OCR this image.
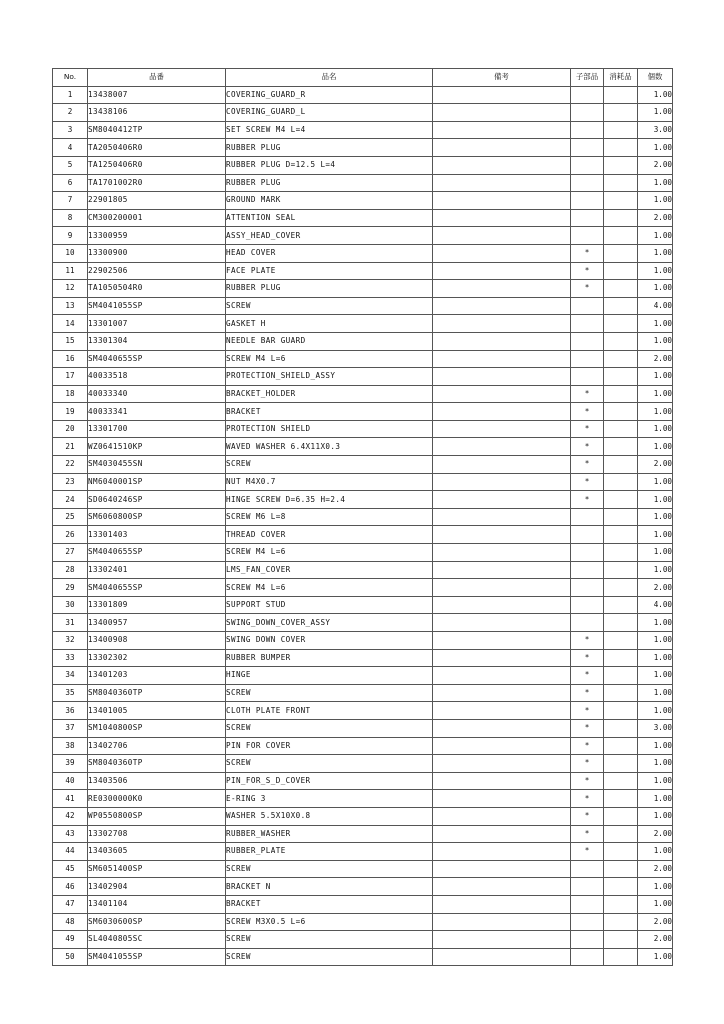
No.	品番	品名	備考	子部品	消耗品	個数
1	13438007	COVERING_GUARD_R				1.00
2	13438106	COVERING_GUARD_L				1.00
3	SM8040412TP	SET SCREW M4 L=4				3.00
4	TA2050406R0	RUBBER PLUG				1.00
5	TA1250406R0	RUBBER PLUG D=12.5 L=4				2.00
6	TA1701002R0	RUBBER PLUG				1.00
7	22901805	GROUND MARK				1.00
8	CM300200001	ATTENTION SEAL				2.00
9	13300959	ASSY_HEAD_COVER				1.00
10	13300900	HEAD COVER		*		1.00
11	22902506	FACE PLATE		*		1.00
12	TA1050504R0	RUBBER PLUG		*		1.00
13	SM4041055SP	SCREW				4.00
14	13301007	GASKET H				1.00
15	13301304	NEEDLE BAR GUARD				1.00
16	SM4040655SP	SCREW M4 L=6				2.00
17	40033518	PROTECTION_SHIELD_ASSY				1.00
18	40033340	BRACKET_HOLDER		*		1.00
19	40033341	BRACKET		*		1.00
20	13301700	PROTECTION SHIELD		*		1.00
21	WZ0641510KP	WAVED WASHER 6.4X11X0.3		*		1.00
22	SM4030455SN	SCREW		*		2.00
23	NM6040001SP	NUT M4X0.7		*		1.00
24	SD0640246SP	HINGE SCREW D=6.35 H=2.4		*		1.00
25	SM6060800SP	SCREW M6 L=8				1.00
26	13301403	THREAD COVER				1.00
27	SM4040655SP	SCREW M4 L=6				1.00
28	13302401	LMS_FAN_COVER				1.00
29	SM4040655SP	SCREW M4 L=6				2.00
30	13301809	SUPPORT STUD				4.00
31	13400957	SWING_DOWN_COVER_ASSY				1.00
32	13400908	SWING DOWN COVER		*		1.00
33	13302302	RUBBER BUMPER		*		1.00
34	13401203	HINGE		*		1.00
35	SM8040360TP	SCREW		*		1.00
36	13401005	CLOTH PLATE FRONT		*		1.00
37	SM1040800SP	SCREW		*		3.00
38	13402706	PIN FOR COVER		*		1.00
39	SM8040360TP	SCREW		*		1.00
40	13403506	PIN_FOR_S_D_COVER		*		1.00
41	RE0300000K0	E-RING 3		*		1.00
42	WP0550800SP	WASHER 5.5X10X0.8		*		1.00
43	13302708	RUBBER_WASHER		*		2.00
44	13403605	RUBBER_PLATE		*		1.00
45	SM6051400SP	SCREW				2.00
46	13402904	BRACKET N				1.00
47	13401104	BRACKET				1.00
48	SM6030600SP	SCREW M3X0.5 L=6				2.00
49	SL4040805SC	SCREW				2.00
50	SM4041055SP	SCREW				1.00
